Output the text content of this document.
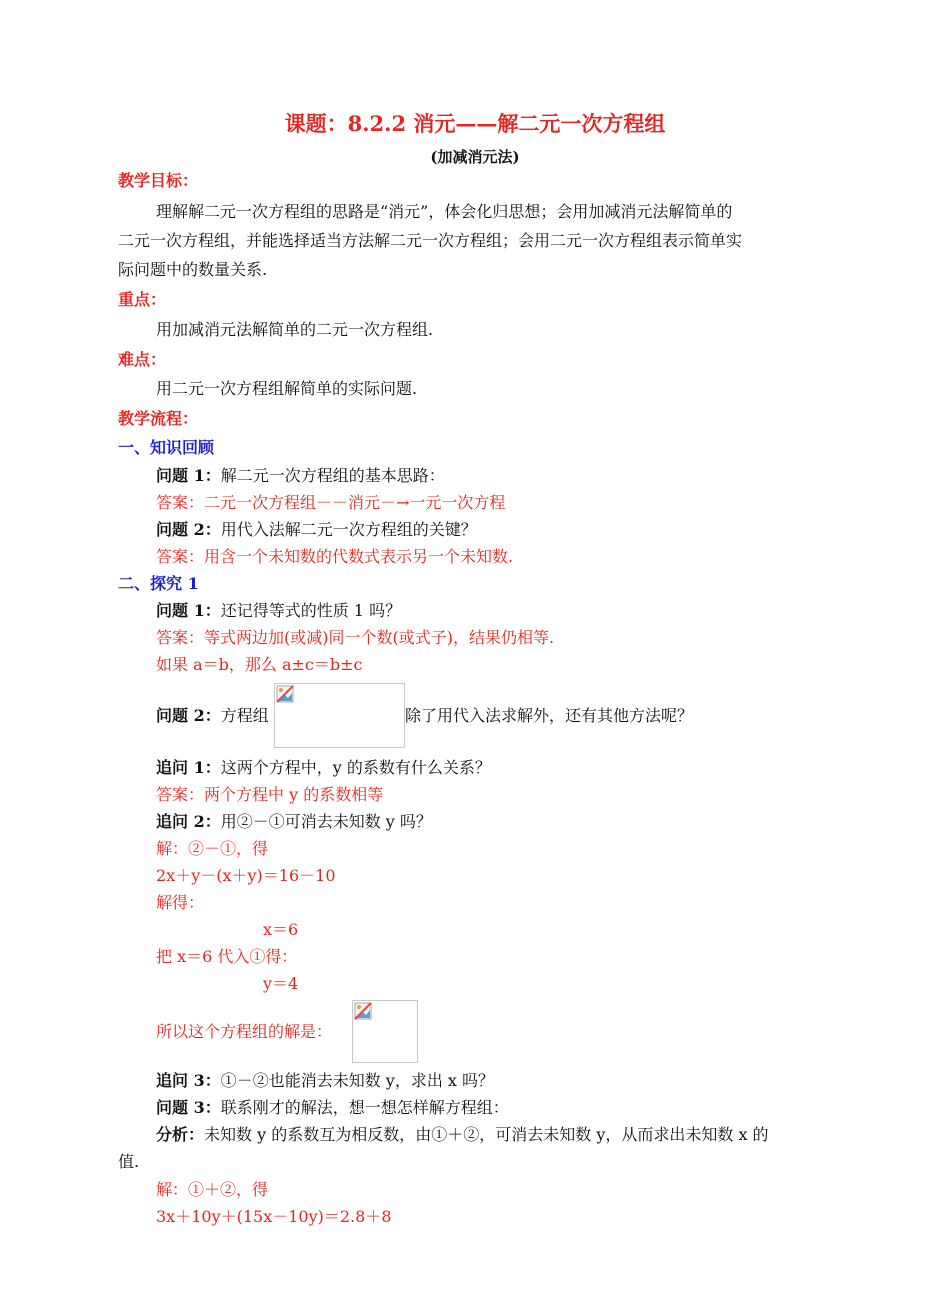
课题：8.2.2 消元——解二元一次方程组
(加减消元法)
教学目标：
理解解二元一次方程组的思路是“消元”，体会化归思想；会用加减消元法解简单的
二元一次方程组，并能选择适当方法解二元一次方程组；会用二元一次方程组表示简单实
际问题中的数量关系.
重点：
用加减消元法解简单的二元一次方程组.
难点：
用二元一次方程组解简单的实际问题.
教学流程：
一、知识回顾
问题 1：解二元一次方程组的基本思路：
答案：二元一次方程组－－消元－→一元一次方程
问题 2：用代入法解二元一次方程组的关键？
答案：用含一个未知数的代数式表示另一个未知数.
二、探究 1
问题 1：还记得等式的性质 1 吗？
答案：等式两边加(或减)同一个数(或式子)，结果仍相等.
如果 a＝b，那么 a±c＝b±c
问题 2：方程组	除了用代入法求解外，还有其他方法呢？
追问 1：这两个方程中，y 的系数有什么关系？
答案：两个方程中 y 的系数相等
追问 2：用②－①可消去未知数 y 吗？
解：②－①，得
2x＋y－(x＋y)＝16－10
解得：
x＝6
把 x＝6 代入①得：
y＝4
所以这个方程组的解是：
追问 3：①－②也能消去未知数 y，求出 x 吗？
问题 3：联系刚才的解法，想一想怎样解方程组：
分析：未知数 y 的系数互为相反数，由①＋②，可消去未知数 y，从而求出未知数 x 的
值.
解：①＋②，得
3x＋10y＋(15x－10y)＝2.8＋8
